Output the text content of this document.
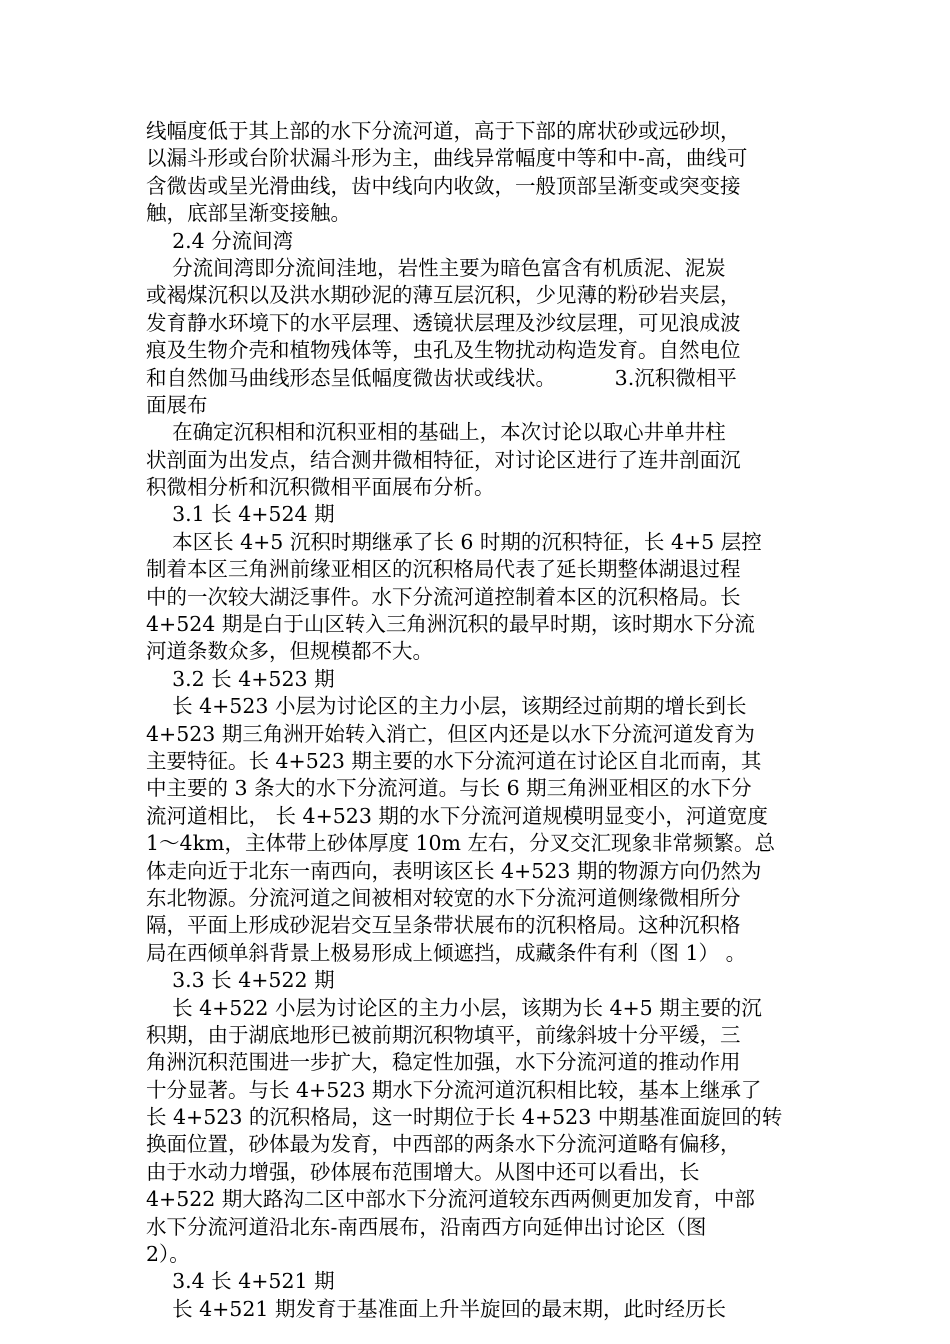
线幅度低于其上部的水下分流河道，高于下部的席状砂或远砂坝，
以漏斗形或台阶状漏斗形为主，曲线异常幅度中等和中-高，曲线可
含微齿或呈光滑曲线，齿中线向内收敛，一般顶部呈渐变或突变接
触，底部呈渐变接触。
2.4 分流间湾
分流间湾即分流间洼地，岩性主要为暗色富含有机质泥、泥炭
或褐煤沉积以及洪水期砂泥的薄互层沉积，少见薄的粉砂岩夹层，
发育静水环境下的水平层理、透镜状层理及沙纹层理，可见浪成波
痕及生物介壳和植物残体等，虫孔及生物扰动构造发育。自然电位
和自然伽马曲线形态呈低幅度微齿状或线状。         3.沉积微相平
面展布
在确定沉积相和沉积亚相的基础上，本次讨论以取心井单井柱
状剖面为出发点，结合测井微相特征，对讨论区进行了连井剖面沉
积微相分析和沉积微相平面展布分析。
3.1 长 4+524 期
本区长 4+5 沉积时期继承了长 6 时期的沉积特征，长 4+5 层控
制着本区三角洲前缘亚相区的沉积格局代表了延长期整体湖退过程
中的一次较大湖泛事件。水下分流河道控制着本区的沉积格局。长
4+524 期是白于山区转入三角洲沉积的最早时期，该时期水下分流
河道条数众多，但规模都不大。
3.2 长 4+523 期
长 4+523 小层为讨论区的主力小层，该期经过前期的增长到长
4+523 期三角洲开始转入消亡，但区内还是以水下分流河道发育为
主要特征。长 4+523 期主要的水下分流河道在讨论区自北而南，其
中主要的 3 条大的水下分流河道。与长 6 期三角洲亚相区的水下分
流河道相比， 长 4+523 期的水下分流河道规模明显变小，河道宽度
1～4km，主体带上砂体厚度 10m 左右，分叉交汇现象非常频繁。总
体走向近于北东一南西向，表明该区长 4+523 期的物源方向仍然为
东北物源。分流河道之间被相对较宽的水下分流河道侧缘微相所分
隔，平面上形成砂泥岩交互呈条带状展布的沉积格局。这种沉积格
局在西倾单斜背景上极易形成上倾遮挡，成藏条件有利（图 1） 。
3.3 长 4+522 期
长 4+522 小层为讨论区的主力小层，该期为长 4+5 期主要的沉
积期，由于湖底地形已被前期沉积物填平，前缘斜坡十分平缓，三
角洲沉积范围进一步扩大，稳定性加强，水下分流河道的推动作用
十分显著。与长 4+523 期水下分流河道沉积相比较，基本上继承了
长 4+523 的沉积格局，这一时期位于长 4+523 中期基准面旋回的转
换面位置，砂体最为发育，中西部的两条水下分流河道略有偏移，
由于水动力增强，砂体展布范围增大。从图中还可以看出，长
4+522 期大路沟二区中部水下分流河道较东西两侧更加发育，中部
水下分流河道沿北东-南西展布，沿南西方向延伸出讨论区（图
2）。
3.4 长 4+521 期
长 4+521 期发育于基准面上升半旋回的最末期，此时经历长
